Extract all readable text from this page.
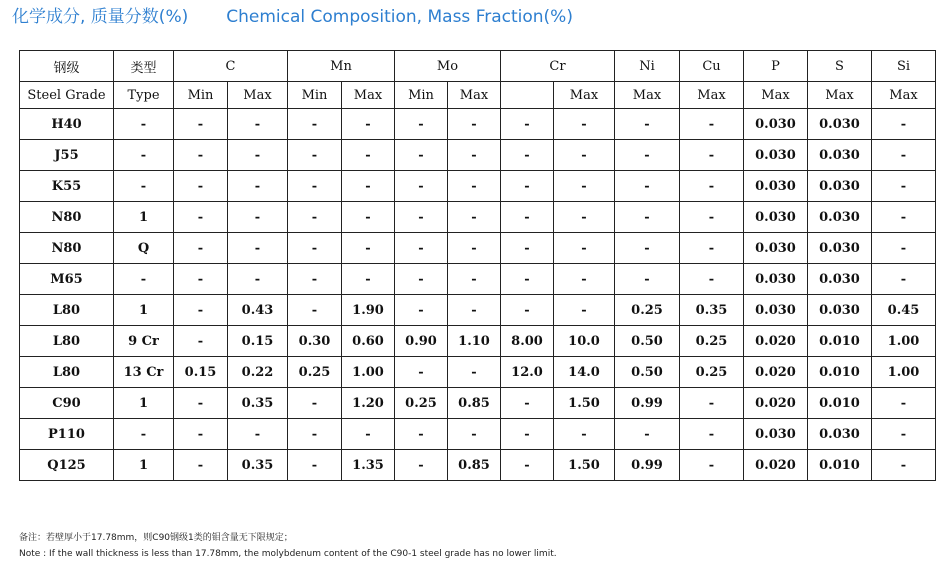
化学成分, 质量分数(%) Chemical Composition, Mass Fraction(%)
钢级	类型	C		Mn		Mo		Cr		Ni	Cu	P	S	Si
Steel Grade	Type	Min	Max	Min	Max	Min	Max		Max	Max	Max	Max	Max	Max
H40	-	-	-	-	-	-	-	-	-	-	-	0.030	0.030	-
J55	-	-	-	-	-	-	-	-	-	-	-	0.030	0.030	-
K55	-	-	-	-	-	-	-	-	-	-	-	0.030	0.030	-
N80	1	-	-	-	-	-	-	-	-	-	-	0.030	0.030	-
N80	Q	-	-	-	-	-	-	-	-	-	-	0.030	0.030	-
M65	-	-	-	-	-	-	-	-	-	-	-	0.030	0.030	-
L80	1	-	0.43	-	1.90	-	-	-	-	0.25	0.35	0.030	0.030	0.45
L80	9 Cr	-	0.15	0.30	0.60	0.90	1.10	8.00	10.0	0.50	0.25	0.020	0.010	1.00
L80	13 Cr	0.15	0.22	0.25	1.00	-	-	12.0	14.0	0.50	0.25	0.020	0.010	1.00
C90	1	-	0.35	-	1.20	0.25	0.85	-	1.50	0.99	-	0.020	0.010	-
P110	-	-	-	-	-	-	-	-	-	-	-	0.030	0.030	-
Q125	1	-	0.35	-	1.35	-	0.85	-	1.50	0.99	-	0.020	0.010	-
备注：若壁厚小于17.78mm，则C90钢级1类的钼含量无下限规定；
Note : If the wall thickness is less than 17.78mm, the molybdenum content of the C90-1 steel grade has no lower limit.
